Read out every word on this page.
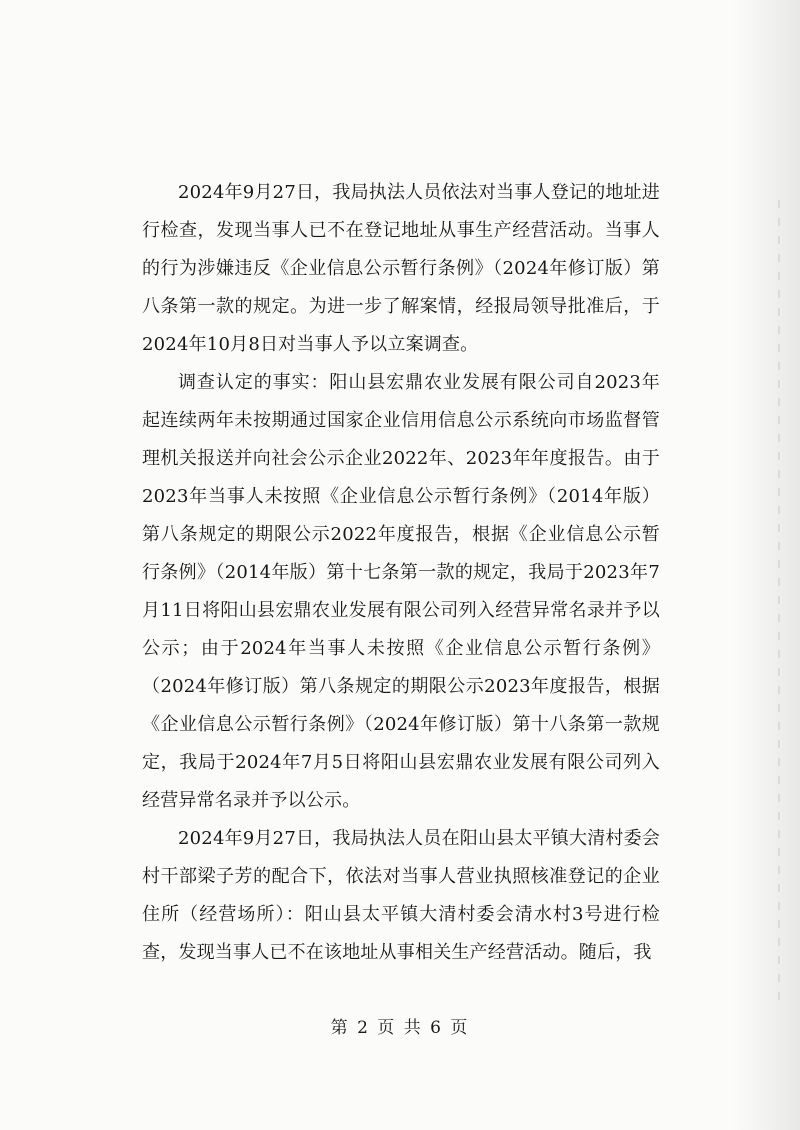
2024年9月27日，我局执法人员依法对当事人登记的地址进行检查，发现当事人已不在登记地址从事生产经营活动。当事人的行为涉嫌违反《企业信息公示暂行条例》（2024年修订版）第八条第一款的规定。为进一步了解案情，经报局领导批准后，于2024年10月8日对当事人予以立案调查。

调查认定的事实：阳山县宏鼎农业发展有限公司自2023年起连续两年未按期通过国家企业信用信息公示系统向市场监督管理机关报送并向社会公示企业2022年、2023年年度报告。由于2023年当事人未按照《企业信息公示暂行条例》（2014年版）第八条规定的期限公示2022年度报告，根据《企业信息公示暂行条例》（2014年版）第十七条第一款的规定，我局于2023年7月11日将阳山县宏鼎农业发展有限公司列入经营异常名录并予以公示；由于2024年当事人未按照《企业信息公示暂行条例》（2024年修订版）第八条规定的期限公示2023年度报告，根据《企业信息公示暂行条例》（2024年修订版）第十八条第一款规定，我局于2024年7月5日将阳山县宏鼎农业发展有限公司列入经营异常名录并予以公示。

2024年9月27日，我局执法人员在阳山县太平镇大清村委会村干部梁子芳的配合下，依法对当事人营业执照核准登记的企业住所（经营场所）：阳山县太平镇大清村委会清水村3号进行检查，发现当事人已不在该地址从事相关生产经营活动。随后，我

第 2 页 共 6 页
